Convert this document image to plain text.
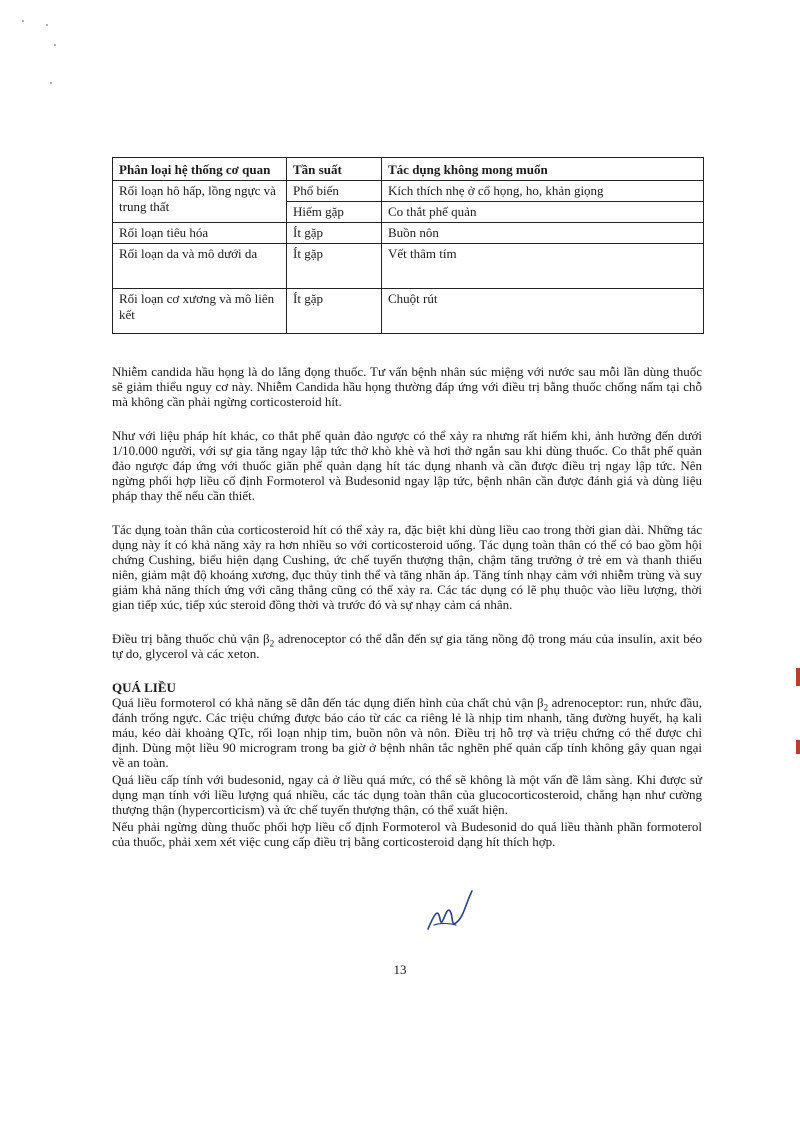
Phân loại hệ thống cơ quan	Tần suất	Tác dụng không mong muốn
Rối loạn hô hấp, lồng ngực và trung thất	Phổ biến	Kích thích nhẹ ở cổ họng, ho, khản giọng
	Hiếm gặp	Co thắt phế quản
Rối loạn tiêu hóa	Ít gặp	Buồn nôn
Rối loạn da và mô dưới da	Ít gặp	Vết thâm tím
Rối loạn cơ xương và mô liên kết	Ít gặp	Chuột rút

Nhiễm candida hầu họng là do lắng đọng thuốc. Tư vấn bệnh nhân súc miệng với nước sau mỗi lần dùng thuốc sẽ giảm thiểu nguy cơ này. Nhiễm Candida hầu họng thường đáp ứng với điều trị bằng thuốc chống nấm tại chỗ mà không cần phải ngừng corticosteroid hít.

Như với liệu pháp hít khác, co thắt phế quản đảo ngược có thể xảy ra nhưng rất hiếm khi, ảnh hưởng đến dưới 1/10.000 người, với sự gia tăng ngay lập tức thở khò khè và hơi thở ngắn sau khi dùng thuốc. Co thắt phế quản đảo ngược đáp ứng với thuốc giãn phế quản dạng hít tác dụng nhanh và cần được điều trị ngay lập tức. Nên ngừng phối hợp liều cố định Formoterol và Budesonid ngay lập tức, bệnh nhân cần được đánh giá và dùng liệu pháp thay thế nếu cần thiết.

Tác dụng toàn thân của corticosteroid hít có thể xảy ra, đặc biệt khi dùng liều cao trong thời gian dài. Những tác dụng này ít có khả năng xảy ra hơn nhiều so với corticosteroid uống. Tác dụng toàn thân có thể có bao gồm hội chứng Cushing, biểu hiện dạng Cushing, ức chế tuyến thượng thận, chậm tăng trưởng ở trẻ em và thanh thiếu niên, giảm mật độ khoáng xương, đục thủy tinh thể và tăng nhãn áp. Tăng tính nhạy cảm với nhiễm trùng và suy giảm khả năng thích ứng với căng thẳng cũng có thể xảy ra. Các tác dụng có lẽ phụ thuộc vào liều lượng, thời gian tiếp xúc, tiếp xúc steroid đồng thời và trước đó và sự nhạy cảm cá nhân.

Điều trị bằng thuốc chủ vận $\beta_2$ adrenoceptor có thể dẫn đến sự gia tăng nồng độ trong máu của insulin, axit béo tự do, glycerol và các xeton.

QUÁ LIỀU

Quá liều formoterol có khả năng sẽ dẫn đến tác dụng điển hình của chất chủ vận $\beta_2$ adrenoceptor: run, nhức đầu, đánh trống ngực. Các triệu chứng được báo cáo từ các ca riêng lẻ là nhịp tim nhanh, tăng đường huyết, hạ kali máu, kéo dài khoảng QTc, rối loạn nhịp tim, buồn nôn và nôn. Điều trị hỗ trợ và triệu chứng có thể được chỉ định. Dùng một liều 90 microgram trong ba giờ ở bệnh nhân tắc nghẽn phế quản cấp tính không gây quan ngại về an toàn.

Quá liều cấp tính với budesonid, ngay cả ở liều quá mức, có thể sẽ không là một vấn đề lâm sàng. Khi được sử dụng mạn tính với liều lượng quá nhiều, các tác dụng toàn thân của glucocorticosteroid, chẳng hạn như cường thượng thận (hypercorticism) và ức chế tuyến thượng thận, có thể xuất hiện.

Nếu phải ngừng dùng thuốc phối hợp liều cố định Formoterol và Budesonid do quá liều thành phần formoterol của thuốc, phải xem xét việc cung cấp điều trị bằng corticosteroid dạng hít thích hợp.

13
